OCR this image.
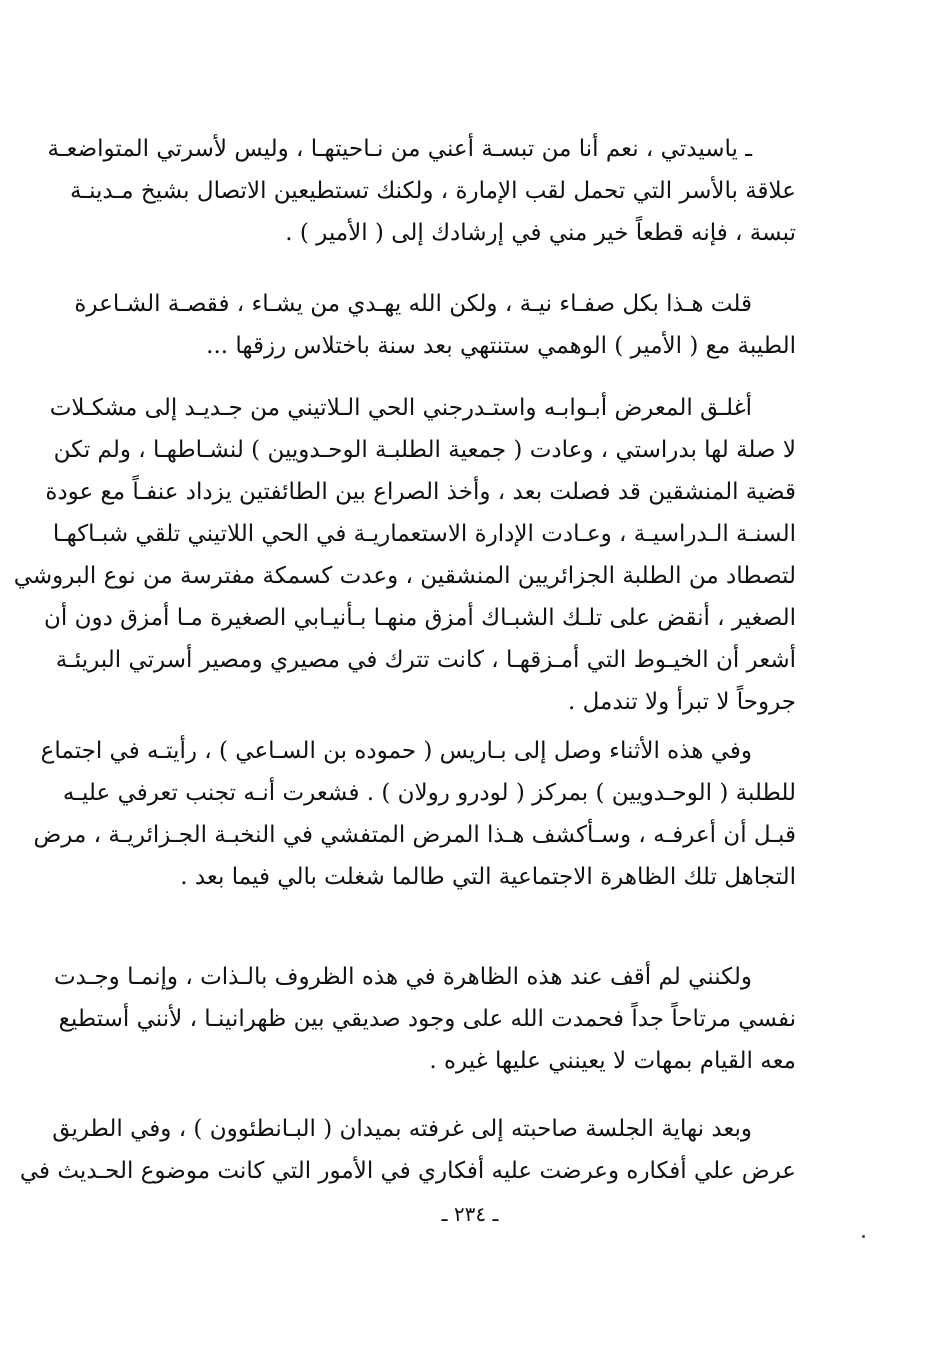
ـ ياسيدتي ، نعم أنا من تبسـة أعني من نـاحيتهـا ، وليس لأسرتي المتواضعـة
علاقة بالأسر التي تحمل لقب الإمارة ، ولكنك تستطيعين الاتصال بشيخ مـدينـة
تبسة ، فإنه قطعاً خير مني في إرشادك إلى ( الأمير ) .
قلت هـذا بكل صفـاء نيـة ، ولكن الله يهـدي من يشـاء ، فقصـة الشـاعرة
الطيبة مع ( الأمير ) الوهمي ستنتهي بعد سنة باختلاس رزقها ...
أغلـق المعرض أبـوابـه واستـدرجني الحي الـلاتيني من جـديـد إلى مشكـلات
لا صلة لها بدراستي ، وعادت ( جمعية الطلبـة الوحـدويين ) لنشـاطهـا ، ولم تكن
قضية المنشقين قد فصلت بعد ، وأخذ الصراع بين الطائفتين يزداد عنفـاً مع عودة
السنـة الـدراسيـة ، وعـادت الإدارة الاستعماريـة في الحي اللاتيني تلقي شبـاكهـا
لتصطاد من الطلبة الجزائريين المنشقين ، وعدت كسمكة مفترسة من نوع البروشي
الصغير ، أنقض على تلـك الشبـاك أمزق منهـا بـأنيـابي الصغيرة مـا أمزق دون أن
أشعر أن الخيـوط التي أمـزقهـا ، كانت تترك في مصيري ومصير أسرتي البريئـة
جروحاً لا تبرأ ولا تندمل .
وفي هذه الأثناء وصل إلى بـاريس ( حموده بن السـاعي ) ، رأيتـه في اجتماع
للطلبة ( الوحـدويين ) بمركز ( لودرو رولان ) . فشعرت أنـه تجنب تعرفي عليـه
قبـل أن أعرفـه ، وسـأكشف هـذا المرض المتفشي في النخبـة الجـزائريـة ، مرض
التجاهل تلك الظاهرة الاجتماعية التي طالما شغلت بالي فيما بعد .
ولكنني لم أقف عند هذه الظاهرة في هذه الظروف بالـذات ، وإنمـا وجـدت
نفسي مرتاحاً جداً فحمدت الله على وجود صديقي بين ظهرانينـا ، لأنني أستطيع
معه القيام بمهات لا يعينني عليها غيره .
وبعد نهاية الجلسة صاحبته إلى غرفته بميدان ( البـانطئوون ) ، وفي الطريق
عرض علي أفكاره وعرضت عليه أفكاري في الأمور التي كانت موضوع الحـديث في
ـ ٢٣٤ ـ
